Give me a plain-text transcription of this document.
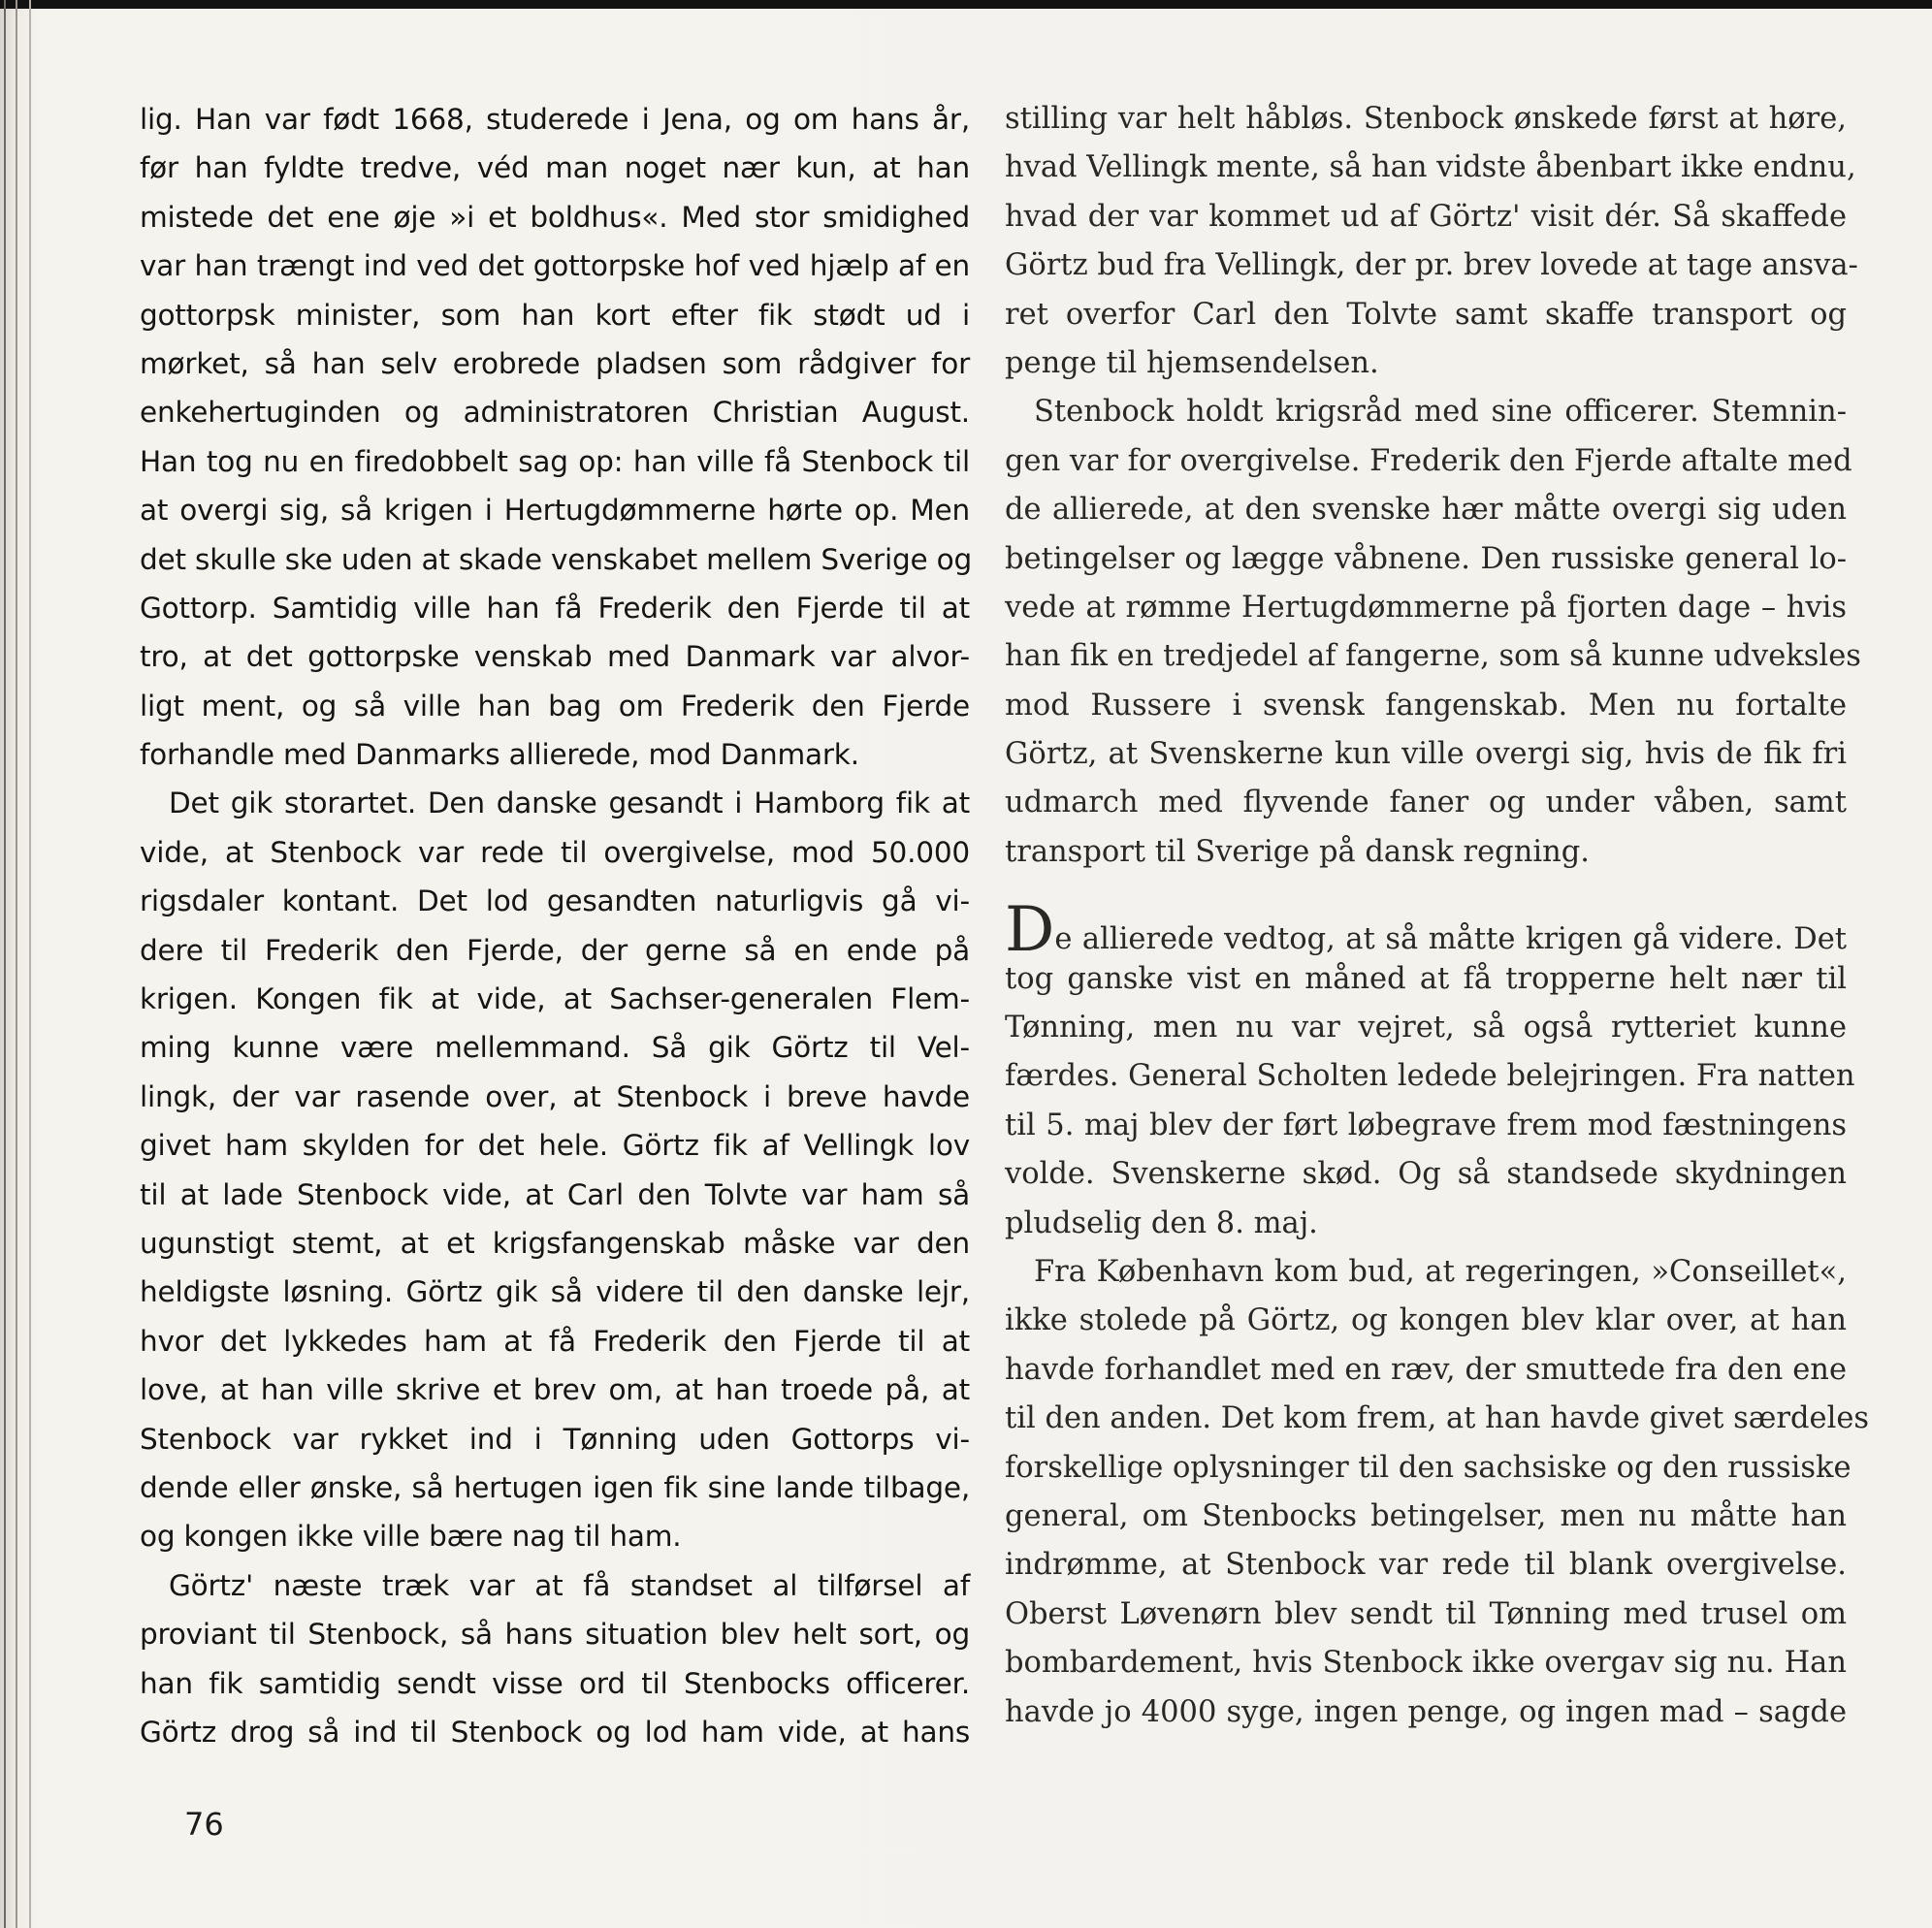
lig. Han var født 1668, studerede i Jena, og om hans år,
før han fyldte tredve, véd man noget nær kun, at han
mistede det ene øje »i et boldhus«. Med stor smidighed
var han trængt ind ved det gottorpske hof ved hjælp af en
gottorpsk minister, som han kort efter fik stødt ud i
mørket, så han selv erobrede pladsen som rådgiver for
enkehertuginden og administratoren Christian August.
Han tog nu en firedobbelt sag op: han ville få Stenbock til
at overgi sig, så krigen i Hertugdømmerne hørte op. Men
det skulle ske uden at skade venskabet mellem Sverige og
Gottorp. Samtidig ville han få Frederik den Fjerde til at
tro, at det gottorpske venskab med Danmark var alvor-
ligt ment, og så ville han bag om Frederik den Fjerde
forhandle med Danmarks allierede, mod Danmark.
Det gik storartet. Den danske gesandt i Hamborg fik at
vide, at Stenbock var rede til overgivelse, mod 50.000
rigsdaler kontant. Det lod gesandten naturligvis gå vi-
dere til Frederik den Fjerde, der gerne så en ende på
krigen. Kongen fik at vide, at Sachser-generalen Flem-
ming kunne være mellemmand. Så gik Görtz til Vel-
lingk, der var rasende over, at Stenbock i breve havde
givet ham skylden for det hele. Görtz fik af Vellingk lov
til at lade Stenbock vide, at Carl den Tolvte var ham så
ugunstigt stemt, at et krigsfangenskab måske var den
heldigste løsning. Görtz gik så videre til den danske lejr,
hvor det lykkedes ham at få Frederik den Fjerde til at
love, at han ville skrive et brev om, at han troede på, at
Stenbock var rykket ind i Tønning uden Gottorps vi-
dende eller ønske, så hertugen igen fik sine lande tilbage,
og kongen ikke ville bære nag til ham.
Görtz' næste træk var at få standset al tilførsel af
proviant til Stenbock, så hans situation blev helt sort, og
han fik samtidig sendt visse ord til Stenbocks officerer.
Görtz drog så ind til Stenbock og lod ham vide, at hans
stilling var helt håbløs. Stenbock ønskede først at høre,
hvad Vellingk mente, så han vidste åbenbart ikke endnu,
hvad der var kommet ud af Görtz' visit dér. Så skaffede
Görtz bud fra Vellingk, der pr. brev lovede at tage ansva-
ret overfor Carl den Tolvte samt skaffe transport og
penge til hjemsendelsen.
Stenbock holdt krigsråd med sine officerer. Stemnin-
gen var for overgivelse. Frederik den Fjerde aftalte med
de allierede, at den svenske hær måtte overgi sig uden
betingelser og lægge våbnene. Den russiske general lo-
vede at rømme Hertugdømmerne på fjorten dage – hvis
han fik en tredjedel af fangerne, som så kunne udveksles
mod Russere i svensk fangenskab. Men nu fortalte
Görtz, at Svenskerne kun ville overgi sig, hvis de fik fri
udmarch med flyvende faner og under våben, samt
transport til Sverige på dansk regning.
De allierede vedtog, at så måtte krigen gå videre. Det
tog ganske vist en måned at få tropperne helt nær til
Tønning, men nu var vejret, så også rytteriet kunne
færdes. General Scholten ledede belejringen. Fra natten
til 5. maj blev der ført løbegrave frem mod fæstningens
volde. Svenskerne skød. Og så standsede skydningen
pludselig den 8. maj.
Fra København kom bud, at regeringen, »Conseillet«,
ikke stolede på Görtz, og kongen blev klar over, at han
havde forhandlet med en ræv, der smuttede fra den ene
til den anden. Det kom frem, at han havde givet særdeles
forskellige oplysninger til den sachsiske og den russiske
general, om Stenbocks betingelser, men nu måtte han
indrømme, at Stenbock var rede til blank overgivelse.
Oberst Løvenørn blev sendt til Tønning med trusel om
bombardement, hvis Stenbock ikke overgav sig nu. Han
havde jo 4000 syge, ingen penge, og ingen mad – sagde
76
